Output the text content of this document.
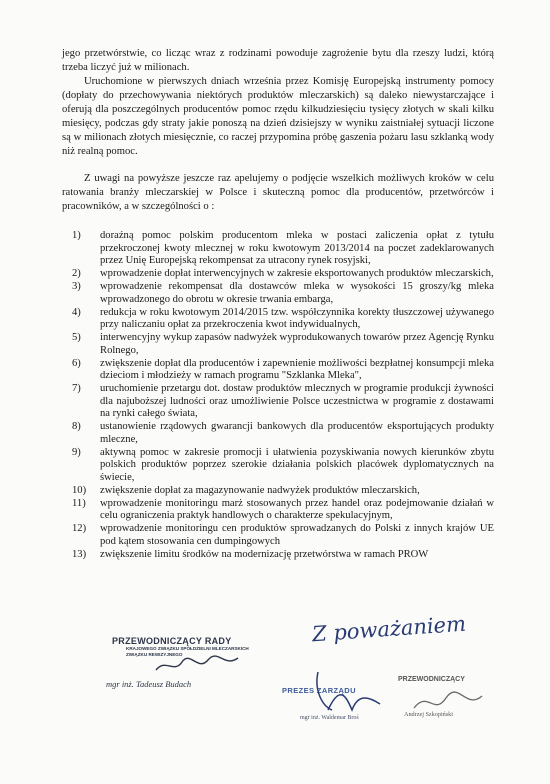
jego przetwórstwie, co licząc wraz z rodzinami powoduje zagrożenie bytu dla rzeszy ludzi, którą trzeba liczyć już w milionach.

Uruchomione w pierwszych dniach września przez Komisję Europejską instrumenty pomocy (dopłaty do przechowywania niektórych produktów mleczarskich) są daleko niewystarczające i oferują dla poszczególnych producentów pomoc rzędu kilkudziesięciu tysięcy złotych w skali kilku miesięcy, podczas gdy straty jakie ponoszą na dzień dzisiejszy w wyniku zaistniałej sytuacji liczone są w milionach złotych miesięcznie, co raczej przypomina próbę gaszenia pożaru lasu szklanką wody niż realną pomoc.

Z uwagi na powyższe jeszcze raz apelujemy o podjęcie wszelkich możliwych kroków w celu ratowania branży mleczarskiej w Polsce i skuteczną pomoc dla producentów, przetwórców i pracowników, a w szczególności o :

1)	doraźną pomoc polskim producentom mleka w postaci zaliczenia opłat z tytułu przekroczonej kwoty mlecznej w roku kwotowym 2013/2014 na poczet zadeklarowanych przez Unię Europejską rekompensat za utracony rynek rosyjski,
2)	wprowadzenie dopłat interwencyjnych w zakresie eksportowanych produktów mleczarskich,
3)	wprowadzenie rekompensat dla dostawców mleka w wysokości 15 groszy/kg mleka wprowadzonego do obrotu w okresie trwania embarga,
4)	redukcja w roku kwotowym 2014/2015 tzw. współczynnika korekty tłuszczowej używanego przy naliczaniu opłat za przekroczenia kwot indywidualnych,
5)	interwencyjny wykup zapasów nadwyżek wyprodukowanych towarów przez Agencję Rynku Rolnego,
6)	zwiększenie dopłat dla producentów i zapewnienie możliwości bezpłatnej konsumpcji mleka dzieciom i młodzieży w ramach programu "Szklanka Mleka",
7)	uruchomienie przetargu dot. dostaw produktów mlecznych w programie produkcji żywności dla najuboższej ludności oraz umożliwienie Polsce uczestnictwa w programie z dostawami na rynki całego świata,
8)	ustanowienie rządowych gwarancji bankowych dla producentów eksportujących produkty mleczne,
9)	aktywną pomoc w zakresie promocji i ułatwienia pozyskiwania nowych kierunków zbytu polskich produktów poprzez szerokie działania polskich placówek dyplomatycznych na świecie,
10)	zwiększenie dopłat za magazynowanie nadwyżek produktów mleczarskich,
11)	wprowadzenie monitoringu marż stosowanych przez handel oraz podejmowanie działań w celu ograniczenia praktyk handlowych o charakterze spekulacyjnym,
12)	wprowadzenie monitoringu cen produktów sprowadzanych do Polski z innych krajów UE pod kątem stosowania cen dumpingowych
13)	zwiększenie limitu środków na modernizację przetwórstwa w ramach PROW
PRZEWODNICZĄCY RADY
KRAJOWEGO ZWIĄZKU SPÓŁDZIELNI MLECZARSKICH
ZWIĄZKU REWIZYJNEGO
mgr inż. Tadeusz Budach
Z poważaniem
PREZES ZARZĄDU
mgr inż. Waldemar Broś
PRZEWODNICZĄCY
Andrzej Szkopiński
